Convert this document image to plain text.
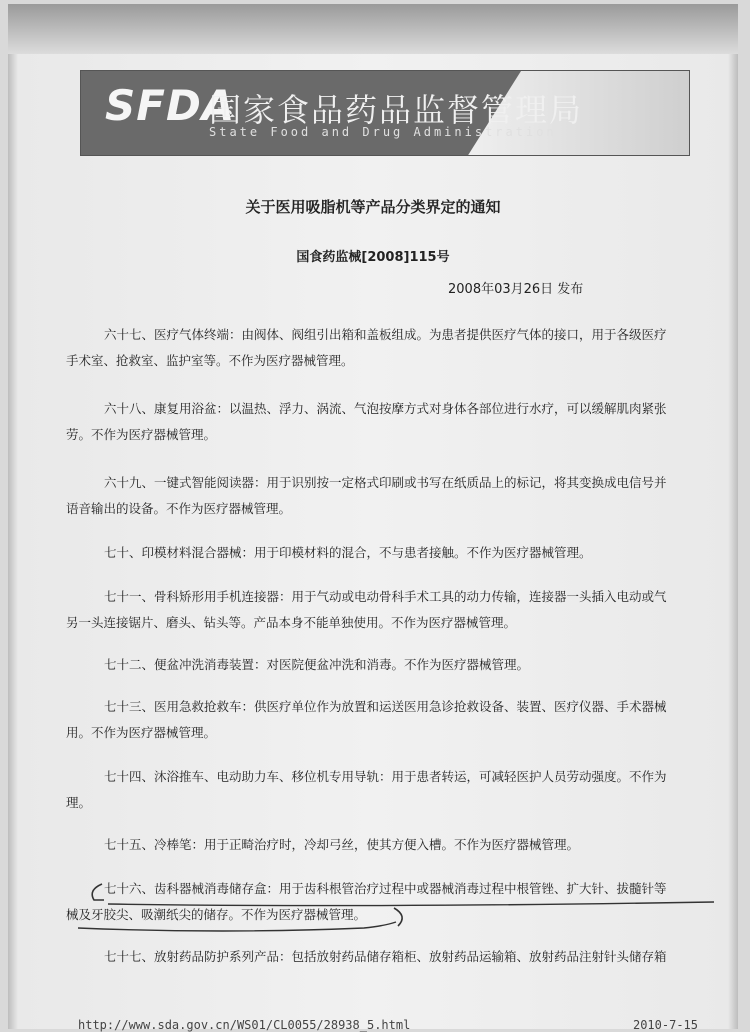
SFDA
国家食品药品监督管理局
State Food and Drug Administration
关于医用吸脂机等产品分类界定的通知
国食药监械[2008]115号
2008年03月26日 发布
六十七、医疗气体终端：由阀体、阀组引出箱和盖板组成。为患者提供医疗气体的接口，用于各级医疗
手术室、抢救室、监护室等。不作为医疗器械管理。
六十八、康复用浴盆：以温热、浮力、涡流、气泡按摩方式对身体各部位进行水疗，可以缓解肌肉紧张
劳。不作为医疗器械管理。
六十九、一键式智能阅读器：用于识别按一定格式印刷或书写在纸质品上的标记，将其变换成电信号并
语音输出的设备。不作为医疗器械管理。
七十、印模材料混合器械：用于印模材料的混合，不与患者接触。不作为医疗器械管理。
七十一、骨科矫形用手机连接器：用于气动或电动骨科手术工具的动力传输，连接器一头插入电动或气
另一头连接锯片、磨头、钻头等。产品本身不能单独使用。不作为医疗器械管理。
七十二、便盆冲洗消毒装置：对医院便盆冲洗和消毒。不作为医疗器械管理。
七十三、医用急救抢救车：供医疗单位作为放置和运送医用急诊抢救设备、装置、医疗仪器、手术器械
用。不作为医疗器械管理。
七十四、沐浴推车、电动助力车、移位机专用导轨：用于患者转运，可减轻医护人员劳动强度。不作为
理。
七十五、冷棒笔：用于正畸治疗时，冷却弓丝，使其方便入槽。不作为医疗器械管理。
七十六、齿科器械消毒储存盒：用于齿科根管治疗过程中或器械消毒过程中根管锉、扩大针、拔髓针等
械及牙胶尖、吸潮纸尖的储存。不作为医疗器械管理。
七十七、放射药品防护系列产品：包括放射药品储存箱柜、放射药品运输箱、放射药品注射针头储存箱
http://www.sda.gov.cn/WS01/CL0055/28938_5.html	2010-7-15
